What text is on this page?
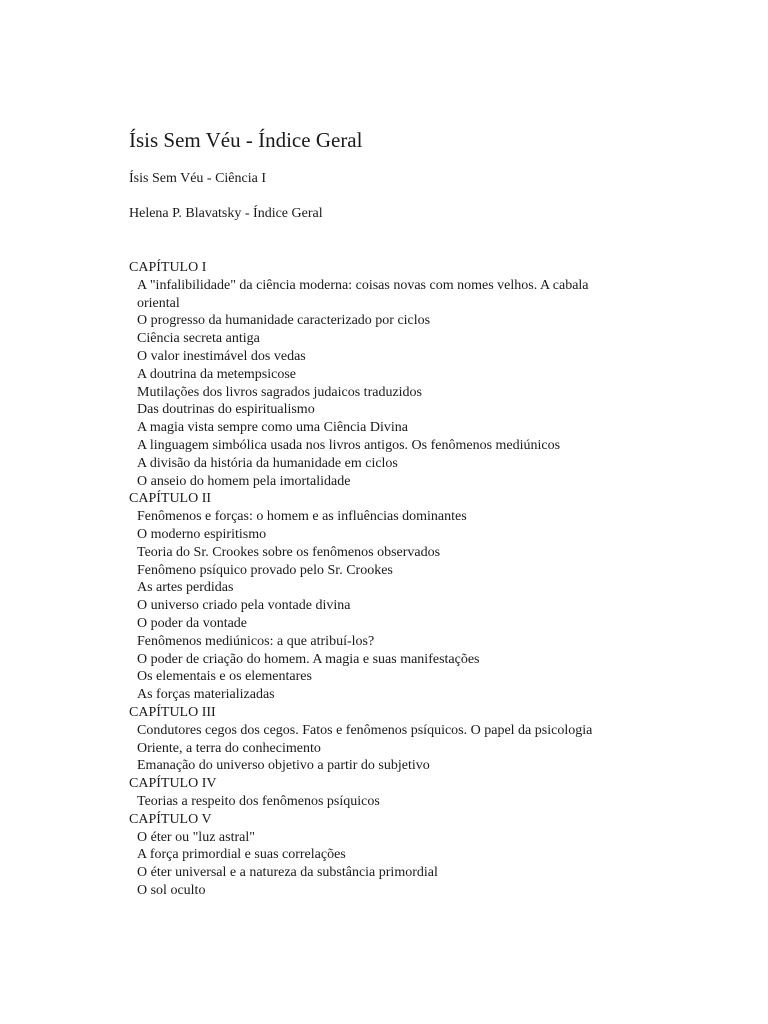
Ísis Sem Véu - Índice Geral

Ísis Sem Véu - Ciência I

Helena P. Blavatsky - Índice Geral

CAPÍTULO I

A "infalibilidade" da ciência moderna: coisas novas com nomes velhos. A cabala oriental

O progresso da humanidade caracterizado por ciclos

Ciência secreta antiga

O valor inestimável dos vedas

A doutrina da metempsicose

Mutilações dos livros sagrados judaicos traduzidos

Das doutrinas do espiritualismo

A magia vista sempre como uma Ciência Divina

A linguagem simbólica usada nos livros antigos. Os fenômenos mediúnicos

A divisão da história da humanidade em ciclos

O anseio do homem pela imortalidade

CAPÍTULO II

Fenômenos e forças: o homem e as influências dominantes

O moderno espiritismo

Teoria do Sr. Crookes sobre os fenômenos observados

Fenômeno psíquico provado pelo Sr. Crookes

As artes perdidas

O universo criado pela vontade divina

O poder da vontade

Fenômenos mediúnicos: a que atribuí-los?

O poder de criação do homem. A magia e suas manifestações

Os elementais e os elementares

As forças materializadas

CAPÍTULO III

Condutores cegos dos cegos. Fatos e fenômenos psíquicos. O papel da psicologia

Oriente, a terra do conhecimento

Emanação do universo objetivo a partir do subjetivo

CAPÍTULO IV

Teorias a respeito dos fenômenos psíquicos

CAPÍTULO V

O éter ou "luz astral"

A força primordial e suas correlações

O éter universal e a natureza da substância primordial

O sol oculto
